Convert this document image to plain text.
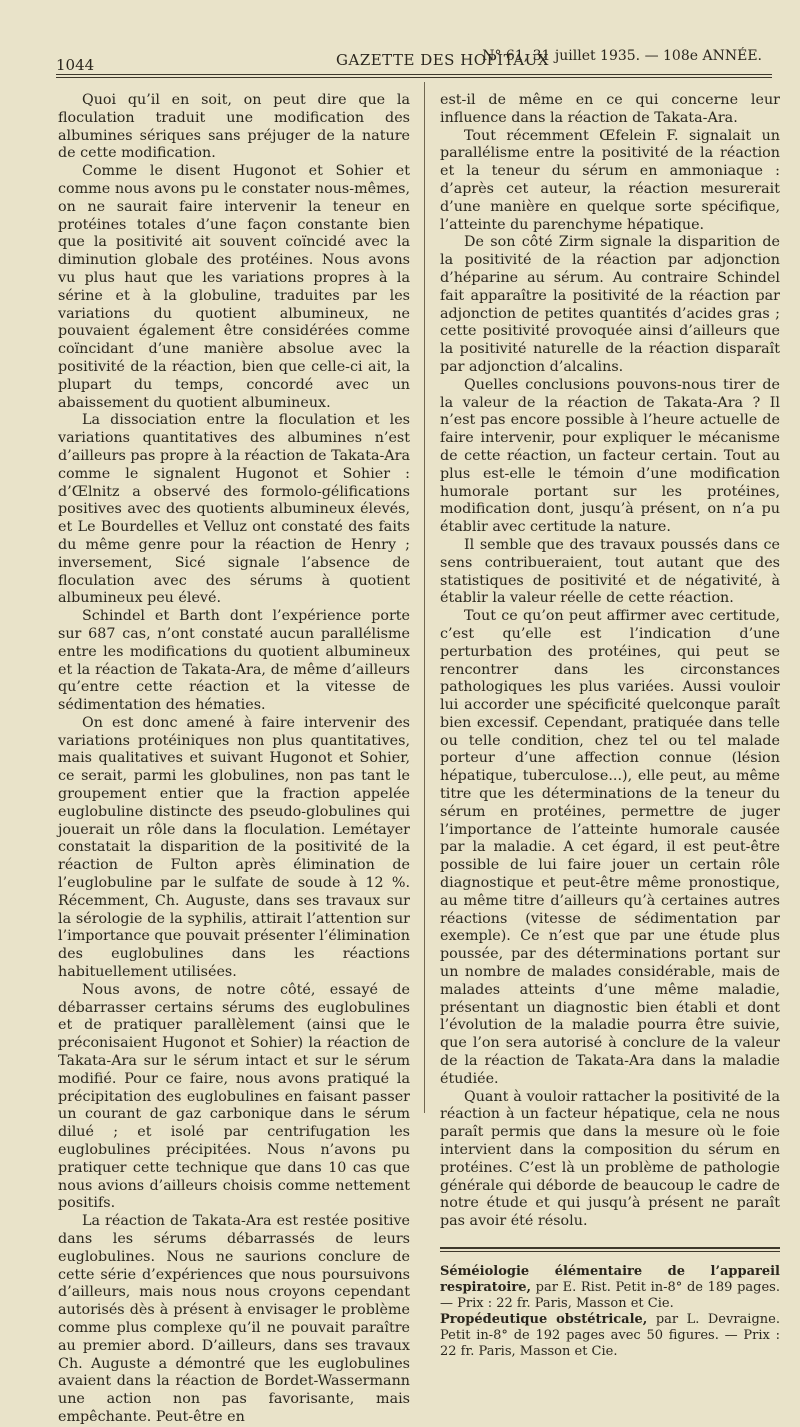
1044	GAZETTE DES HOPITAUX
N° 61, 31 juillet 1935. — 108e ANNÉE.

Quoi qu’il en soit, on peut dire que la floculation traduit une modification des albumines sériques sans préjuger de la nature de cette modification.

Comme le disent Hugonot et Sohier et comme nous avons pu le constater nous-mêmes, on ne saurait faire intervenir la teneur en protéines totales d’une façon constante bien que la positivité ait souvent coïncidé avec la diminution globale des protéines. Nous avons vu plus haut que les variations propres à la sérine et à la globuline, traduites par les variations du quotient albumineux, ne pouvaient également être considérées comme coïncidant d’une manière absolue avec la positivité de la réaction, bien que celle-ci ait, la plupart du temps, concordé avec un abaissement du quotient albumineux.

La dissociation entre la floculation et les variations quantitatives des albumines n’est d’ailleurs pas propre à la réaction de Takata-Ara comme le signalent Hugonot et Sohier : d’Œlnitz a observé des formolo-gélifications positives avec des quotients albumineux élevés, et Le Bourdelles et Velluz ont constaté des faits du même genre pour la réaction de Henry ; inversement, Sicé signale l’absence de floculation avec des sérums à quotient albumineux peu élevé.

Schindel et Barth dont l’expérience porte sur 687 cas, n’ont constaté aucun parallélisme entre les modifications du quotient albumineux et la réaction de Takata-Ara, de même d’ailleurs qu’entre cette réaction et la vitesse de sédimentation des hématies.

On est donc amené à faire intervenir des variations protéiniques non plus quantitatives, mais qualitatives et suivant Hugonot et Sohier, ce serait, parmi les globulines, non pas tant le groupement entier que la fraction appelée euglobuline distincte des pseudo-globulines qui jouerait un rôle dans la floculation. Lemétayer constatait la disparition de la positivité de la réaction de Fulton après élimination de l’euglobuline par le sulfate de soude à 12 %. Récemment, Ch. Auguste, dans ses travaux sur la sérologie de la syphilis, attirait l’attention sur l’importance que pouvait présenter l’élimination des euglobulines dans les réactions habituellement utilisées.

Nous avons, de notre côté, essayé de débarrasser certains sérums des euglobulines et de pratiquer parallèlement (ainsi que le préconisaient Hugonot et Sohier) la réaction de Takata-Ara sur le sérum intact et sur le sérum modifié. Pour ce faire, nous avons pratiqué la précipitation des euglobulines en faisant passer un courant de gaz carbonique dans le sérum dilué ; et isolé par centrifugation les euglobulines précipitées. Nous n’avons pu pratiquer cette technique que dans 10 cas que nous avions d’ailleurs choisis comme nettement positifs.

La réaction de Takata-Ara est restée positive dans les sérums débarrassés de leurs euglobulines. Nous ne saurions conclure de cette série d’expériences que nous poursuivons d’ailleurs, mais nous nous croyons cependant autorisés dès à présent à envisager le problème comme plus complexe qu’il ne pouvait paraître au premier abord. D’ailleurs, dans ses travaux Ch. Auguste a démontré que les euglobulines avaient dans la réaction de Bordet-Wassermann une action non pas favorisante, mais empêchante. Peut-être en

est-il de même en ce qui concerne leur influence dans la réaction de Takata-Ara.

Tout récemment Œfelein F. signalait un parallélisme entre la positivité de la réaction et la teneur du sérum en ammoniaque : d’après cet auteur, la réaction mesurerait d’une manière en quelque sorte spécifique, l’atteinte du parenchyme hépatique.

De son côté Zirm signale la disparition de la positivité de la réaction par adjonction d’héparine au sérum. Au contraire Schindel fait apparaître la positivité de la réaction par adjonction de petites quantités d’acides gras ; cette positivité provoquée ainsi d’ailleurs que la positivité naturelle de la réaction disparaît par adjonction d’alcalins.

Quelles conclusions pouvons-nous tirer de la valeur de la réaction de Takata-Ara ? Il n’est pas encore possible à l’heure actuelle de faire intervenir, pour expliquer le mécanisme de cette réaction, un facteur certain. Tout au plus est-elle le témoin d’une modification humorale portant sur les protéines, modification dont, jusqu’à présent, on n’a pu établir avec certitude la nature.

Il semble que des travaux poussés dans ce sens contribueraient, tout autant que des statistiques de positivité et de négativité, à établir la valeur réelle de cette réaction.

Tout ce qu’on peut affirmer avec certitude, c’est qu’elle est l’indication d’une perturbation des protéines, qui peut se rencontrer dans les circonstances pathologiques les plus variées. Aussi vouloir lui accorder une spécificité quelconque paraît bien excessif. Cependant, pratiquée dans telle ou telle condition, chez tel ou tel malade porteur d’une affection connue (lésion hépatique, tuberculose...), elle peut, au même titre que les déterminations de la teneur du sérum en protéines, permettre de juger l’importance de l’atteinte humorale causée par la maladie. A cet égard, il est peut-être possible de lui faire jouer un certain rôle diagnostique et peut-être même pronostique, au même titre d’ailleurs qu’à certaines autres réactions (vitesse de sédimentation par exemple). Ce n’est que par une étude plus poussée, par des déterminations portant sur un nombre de malades considérable, mais de malades atteints d’une même maladie, présentant un diagnostic bien établi et dont l’évolution de la maladie pourra être suivie, que l’on sera autorisé à conclure de la valeur de la réaction de Takata-Ara dans la maladie étudiée.

Quant à vouloir rattacher la positivité de la réaction à un facteur hépatique, cela ne nous paraît permis que dans la mesure où le foie intervient dans la composition du sérum en protéines. C’est là un problème de pathologie générale qui déborde de beaucoup le cadre de notre étude et qui jusqu’à présent ne paraît pas avoir été résolu.

Séméiologie élémentaire de l’appareil respiratoire, par E. Rist. Petit in-8° de 189 pages. — Prix : 22 fr. Paris, Masson et Cie.

Propédeutique obstétricale, par L. Devraigne. Petit in-8° de 192 pages avec 50 figures. — Prix : 22 fr. Paris, Masson et Cie.
